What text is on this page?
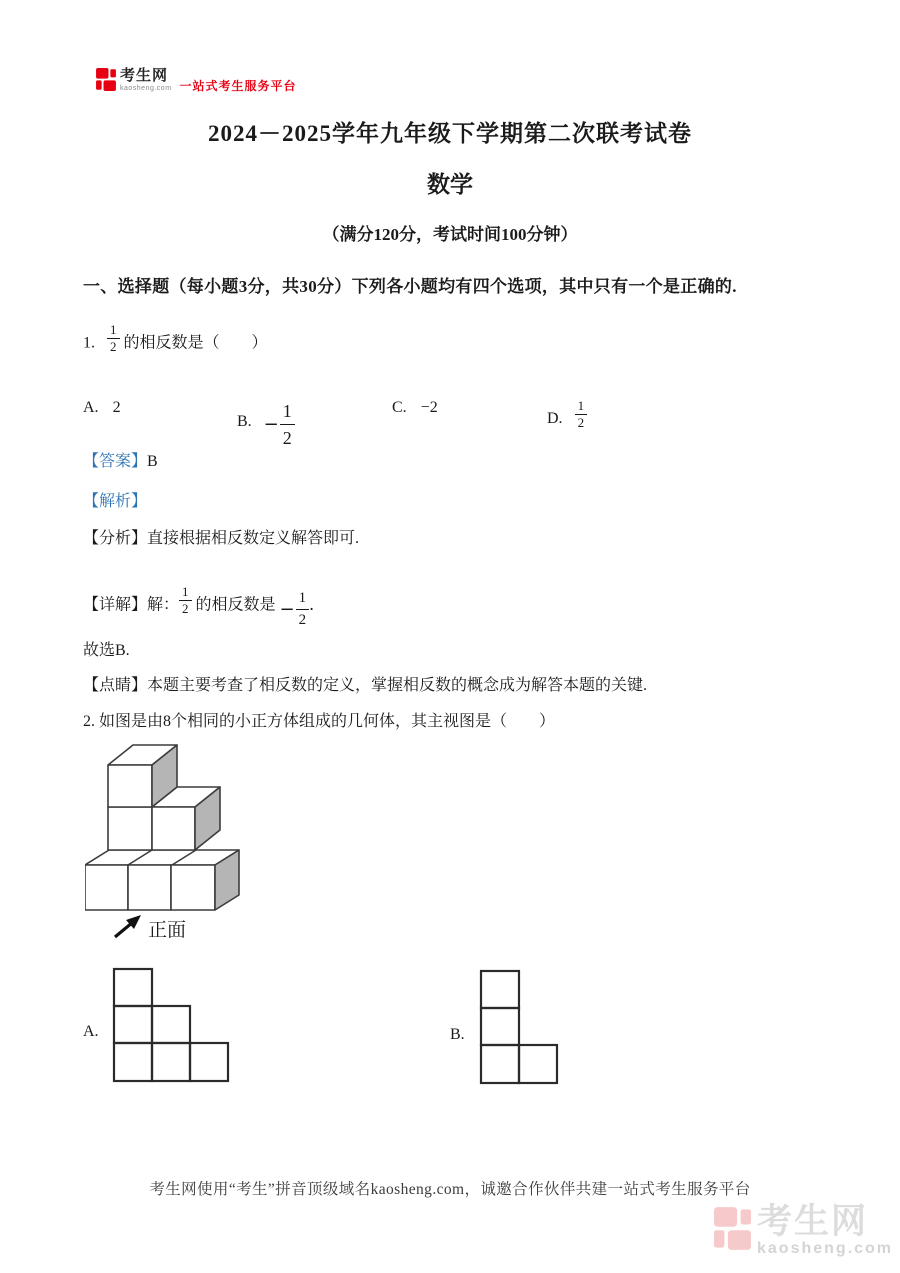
考生网
kaosheng.com 一站式考生服务平台
2024－2025学年九年级下学期第二次联考试卷
数学
（满分120分，考试时间100分钟）
一、选择题（每小题3分，共30分）下列各小题均有四个选项，其中只有一个是正确的.
1. $\frac{1}{2}$ 的相反数是（　　）
A. 2
B. − $\frac{1}{2}$	C. −2
D. $\frac{1}{2}$
【答案】B
【解析】
【分析】直接根据相反数定义解答即可.
【详解】解： $\frac{1}{2}$ 的相反数是 − $\frac{1}{2}$ ．
故选B.
【点睛】本题主要考查了相反数的定义，掌握相反数的概念成为解答本题的关键.
2. 如图是由8个相同的小正方体组成的几何体，其主视图是（　　）
正面
A.	B.
考生网使用“考生”拼音顶级域名kaosheng.com，诚邀合作伙伴共建一站式考生服务平台
考生网
kaosheng.com
